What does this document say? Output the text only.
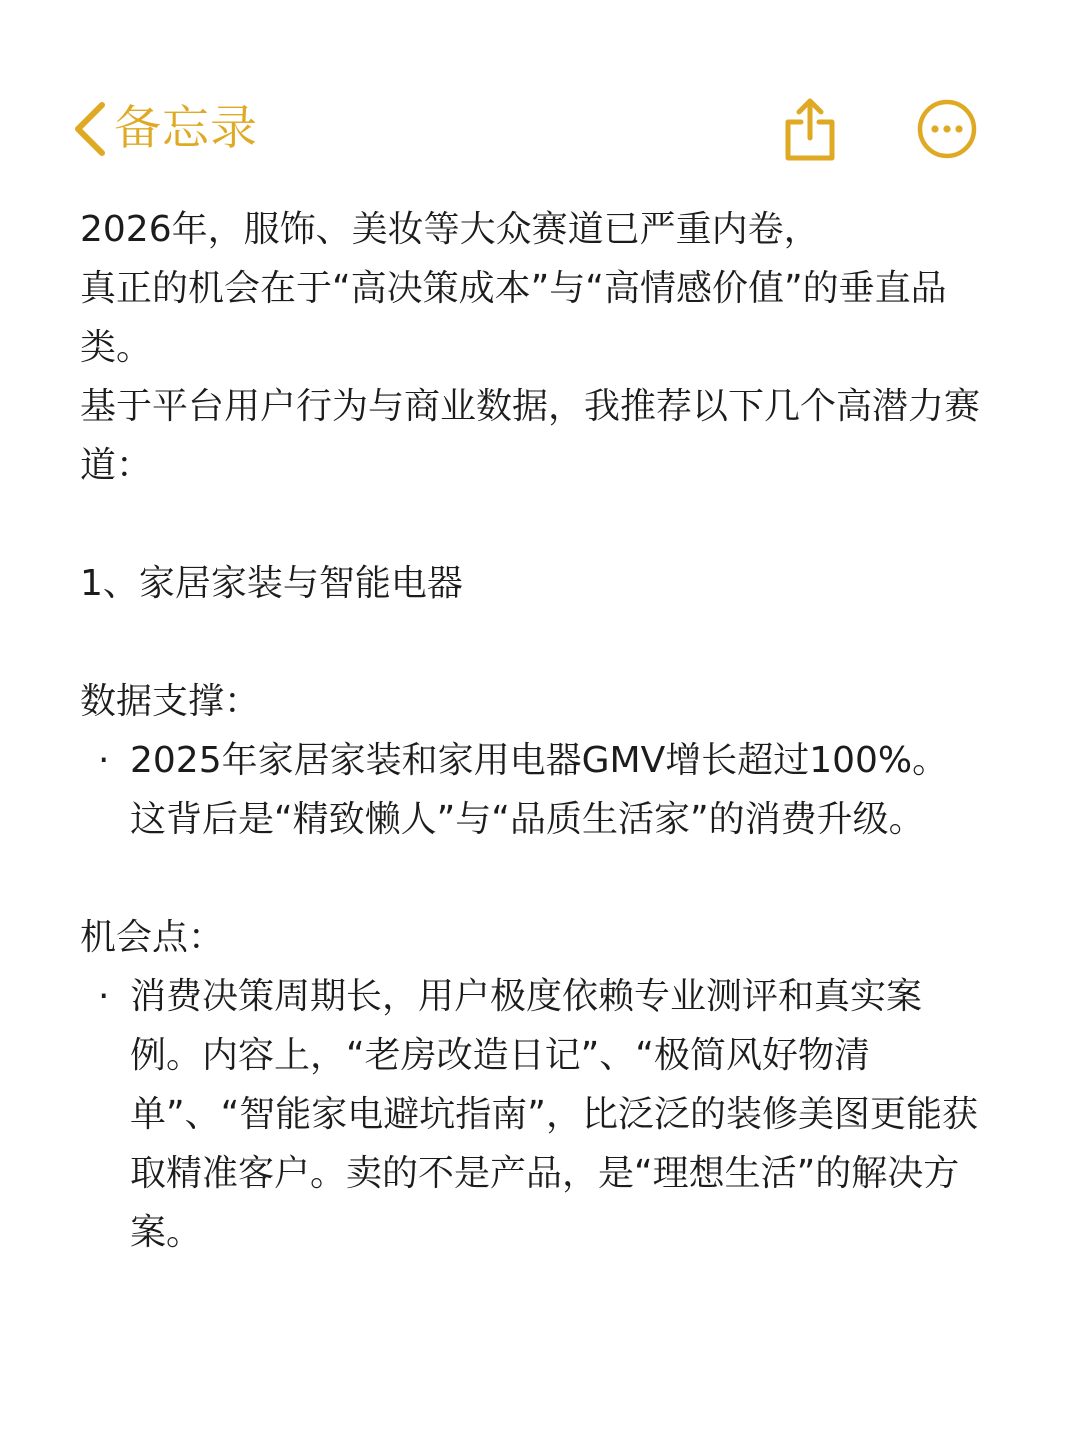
备忘录

2026年，服饰、美妆等大众赛道已严重内卷，

真正的机会在于“高决策成本”与“高情感价值”的垂直品类。

基于平台用户行为与商业数据，我推荐以下几个高潜力赛道：

1、家居家装与智能电器

数据支撑：

· 2025年家居家装和家用电器GMV增长超过100%。这背后是“精致懒人”与“品质生活家”的消费升级。

机会点：

· 消费决策周期长，用户极度依赖专业测评和真实案例。内容上，“老房改造日记”、“极简风好物清单”、“智能家电避坑指南”，比泛泛的装修美图更能获取精准客户。卖的不是产品，是“理想生活”的解决方案。
